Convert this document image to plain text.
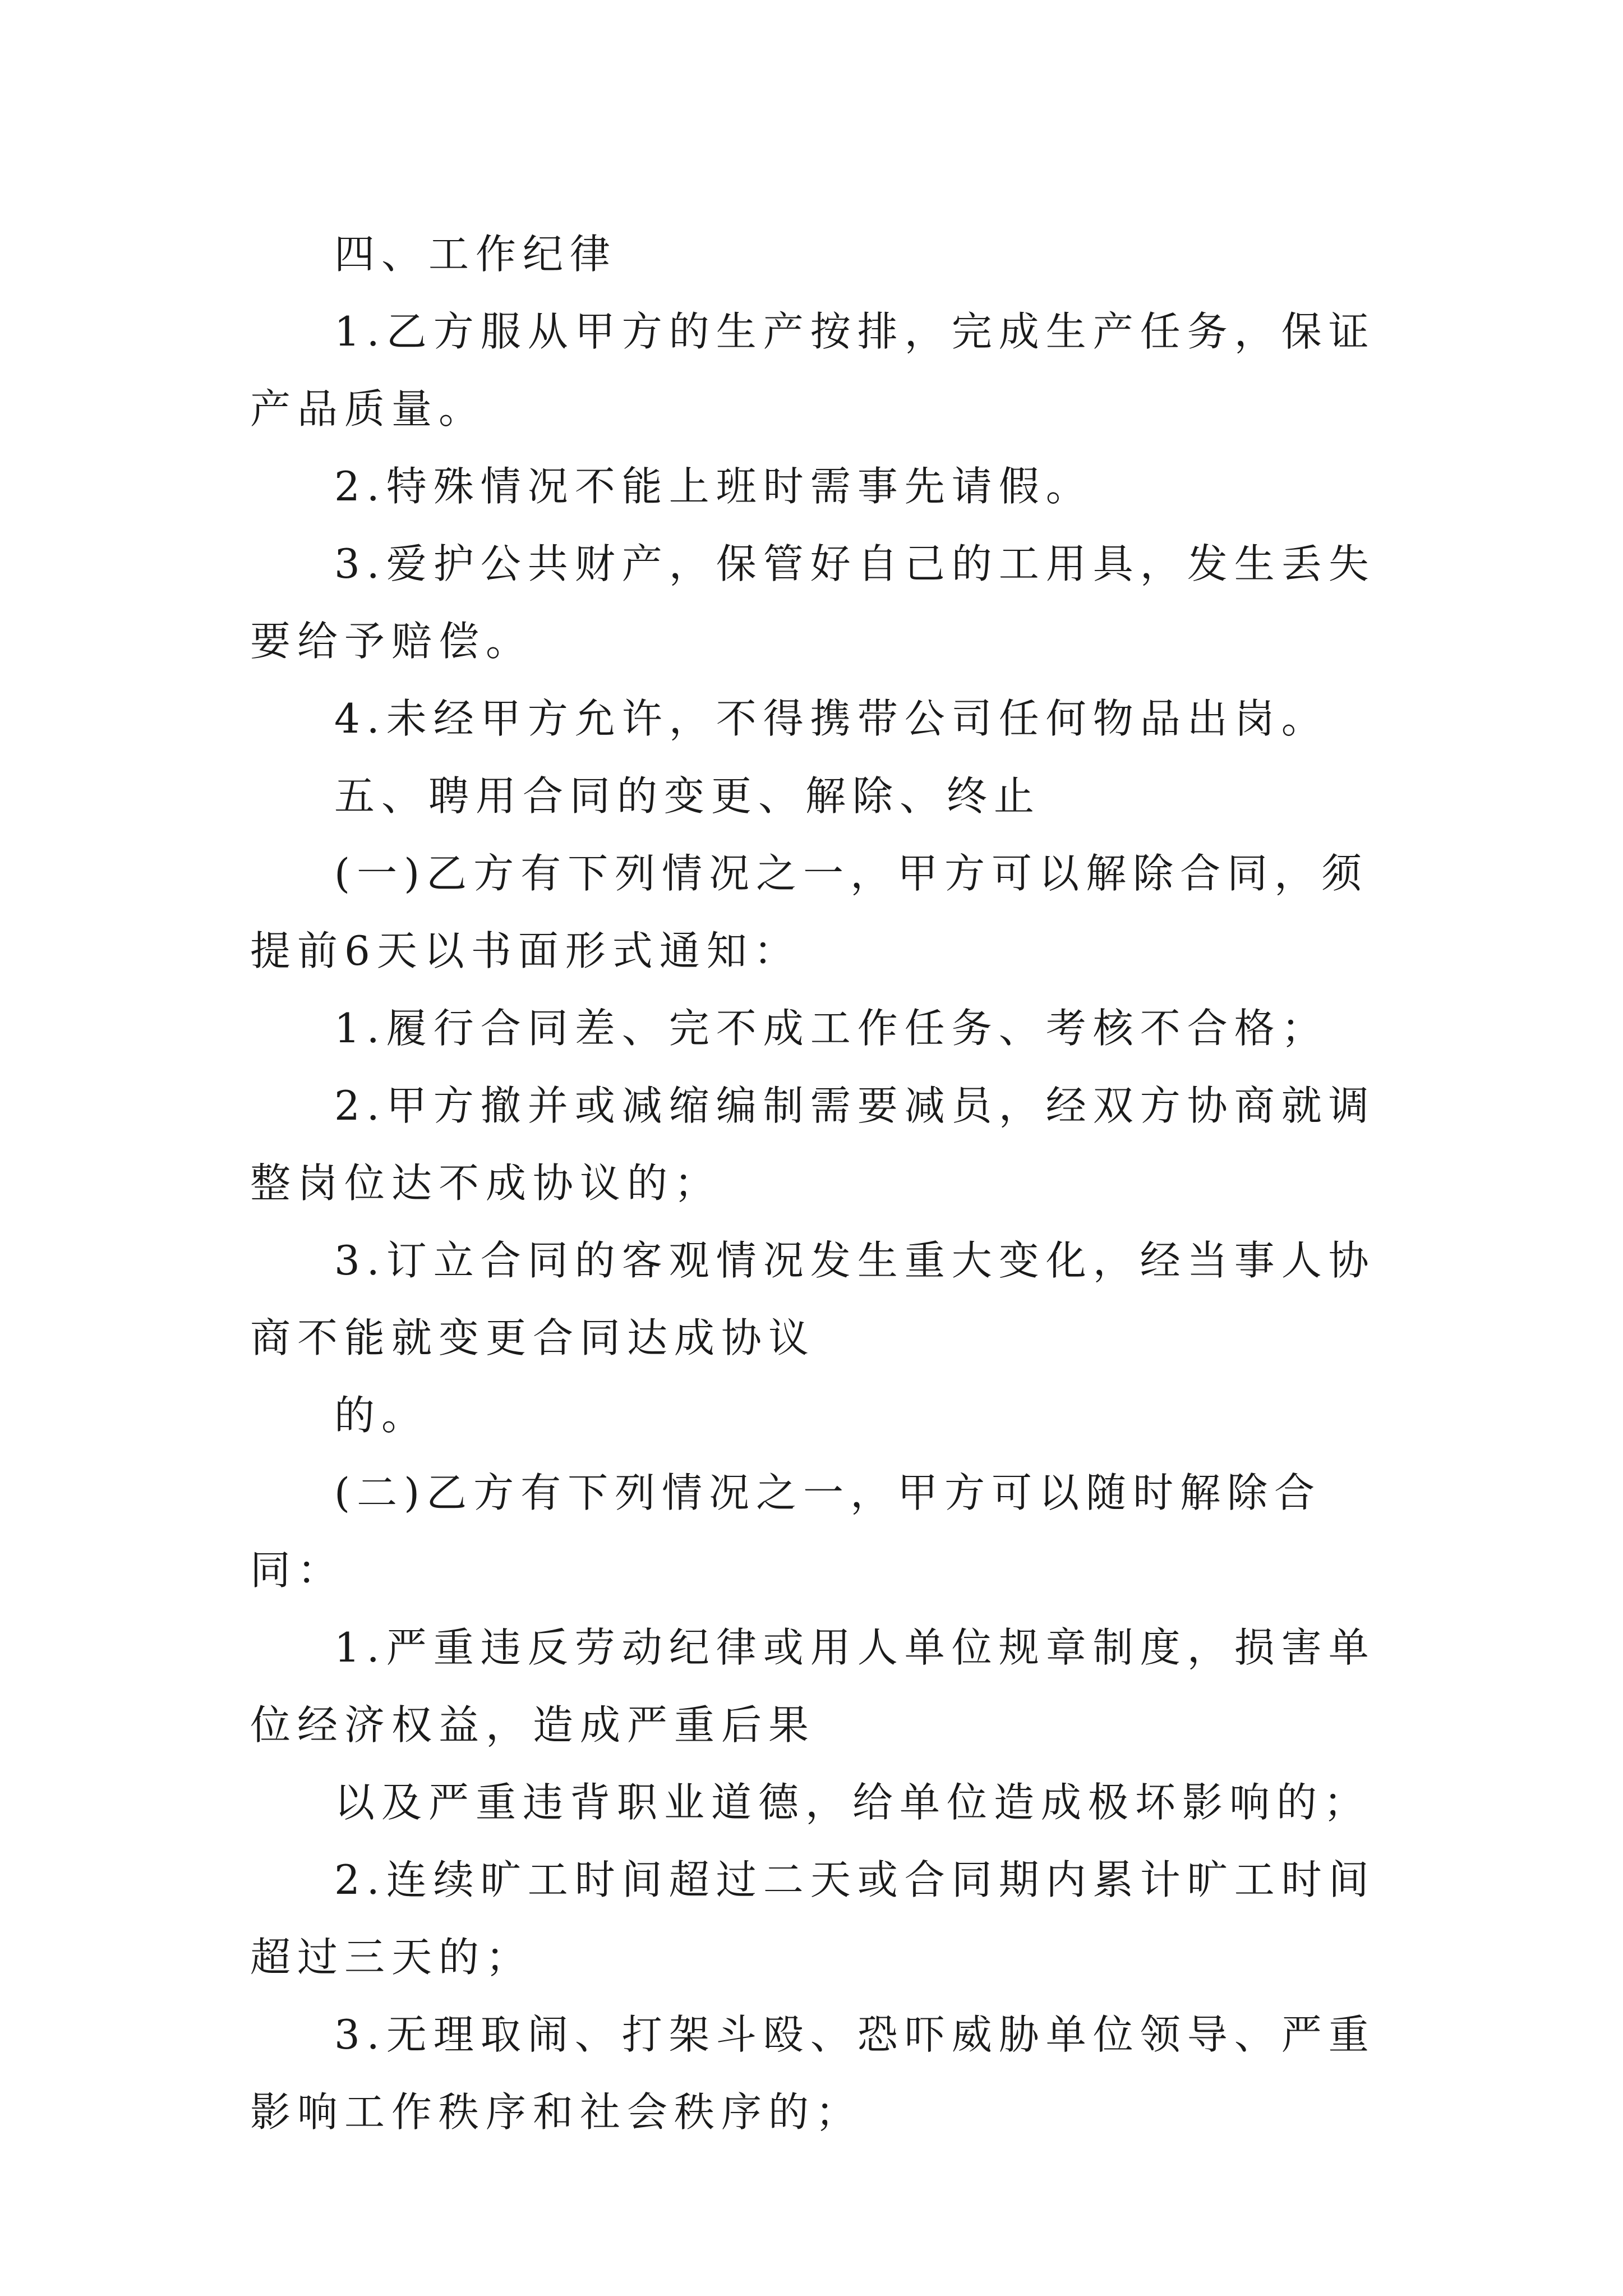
四、工作纪律

1.乙方服从甲方的生产按排，完成生产任务，保证产品质量。

2.特殊情况不能上班时需事先请假。

3.爱护公共财产，保管好自己的工用具，发生丢失要给予赔偿。

4.未经甲方允许，不得携带公司任何物品出岗。

五、聘用合同的变更、解除、终止

(一)乙方有下列情况之一，甲方可以解除合同，须提前6天以书面形式通知：

1.履行合同差、完不成工作任务、考核不合格；

2.甲方撤并或减缩编制需要减员，经双方协商就调整岗位达不成协议的；

3.订立合同的客观情况发生重大变化，经当事人协商不能就变更合同达成协议

的。

(二)乙方有下列情况之一，甲方可以随时解除合同：

1.严重违反劳动纪律或用人单位规章制度，损害单位经济权益，造成严重后果

以及严重违背职业道德，给单位造成极坏影响的；

2.连续旷工时间超过二天或合同期内累计旷工时间超过三天的；

3.无理取闹、打架斗殴、恐吓威胁单位领导、严重影响工作秩序和社会秩序的；
